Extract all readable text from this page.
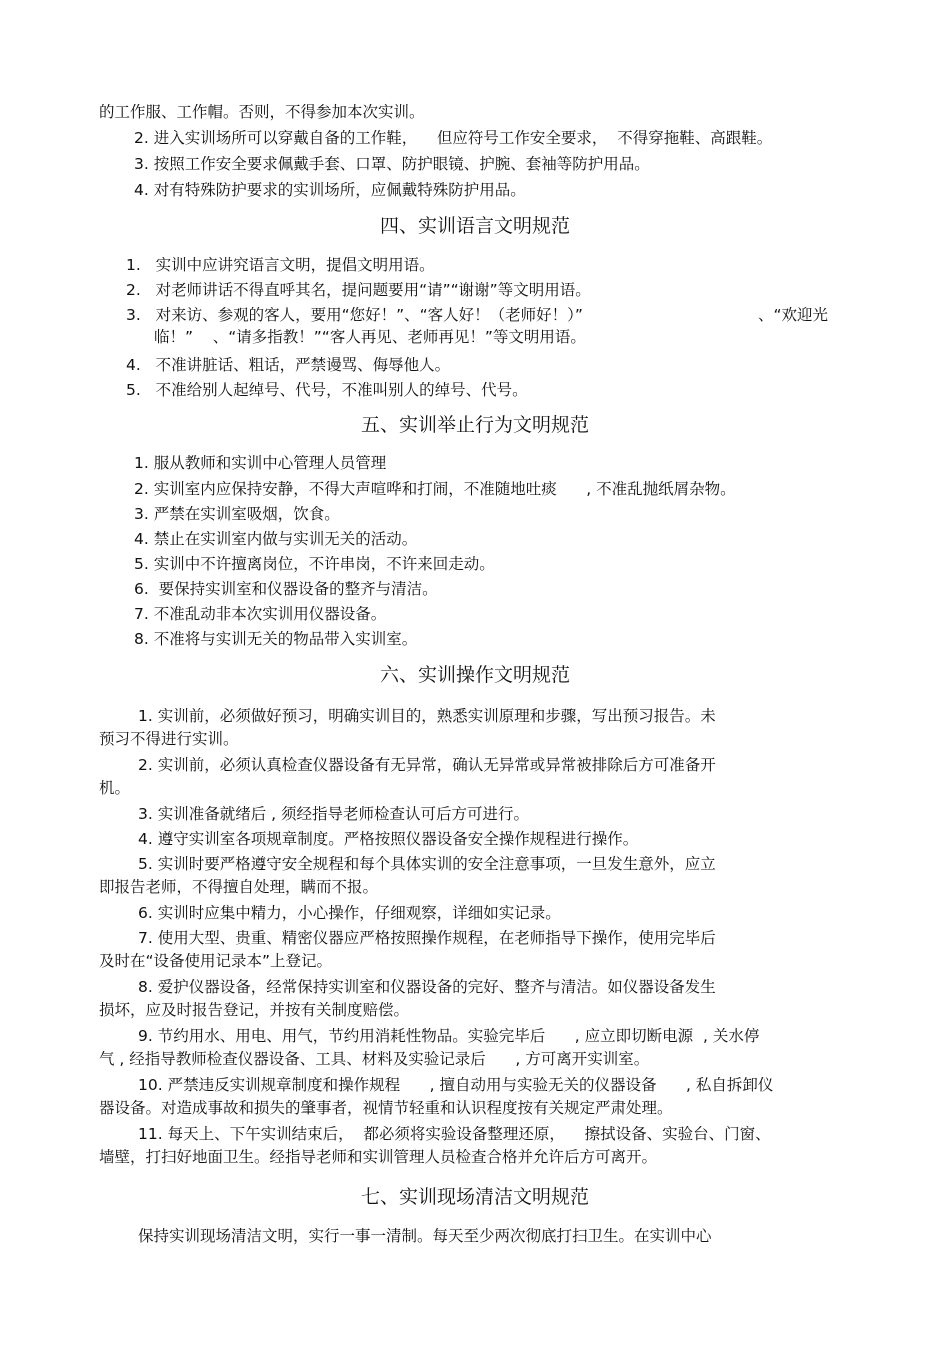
的工作服、工作帽。否则，不得参加本次实训。
2. 进入实训场所可以穿戴自备的工作鞋，    但应符号工作安全要求，  不得穿拖鞋、高跟鞋。
3. 按照工作安全要求佩戴手套、口罩、防护眼镜、护腕、套袖等防护用品。
4. 对有特殊防护要求的实训场所，应佩戴特殊防护用品。
四、实训语言文明规范
1.   实训中应讲究语言文明，提倡文明用语。
2.   对老师讲话不得直呼其名，提问题要用“请”“谢谢”等文明用语。
3.   对来访、参观的客人，要用“您好！”、“客人好！（老师好！）”	、“欢迎光
临！”    、“请多指教！”“客人再见、老师再见！”等文明用语。
4.   不准讲脏话、粗话，严禁谩骂、侮辱他人。
5.   不准给别人起绰号、代号，不准叫别人的绰号、代号。
五、实训举止行为文明规范
1. 服从教师和实训中心管理人员管理
2. 实训室内应保持安静，不得大声喧哗和打闹，不准随地吐痰      , 不准乱抛纸屑杂物。
3. 严禁在实训室吸烟，饮食。
4. 禁止在实训室内做与实训无关的活动。
5. 实训中不许擅离岗位，不许串岗，不许来回走动。
6.  要保持实训室和仪器设备的整齐与清洁。
7. 不准乱动非本次实训用仪器设备。
8. 不准将与实训无关的物品带入实训室。
六、实训操作文明规范
1. 实训前，必须做好预习，明确实训目的，熟悉实训原理和步骤，写出预习报告。未
预习不得进行实训。
2. 实训前，必须认真检查仪器设备有无异常，确认无异常或异常被排除后方可准备开
机。
3. 实训准备就绪后 , 须经指导老师检查认可后方可进行。
4. 遵守实训室各项规章制度。严格按照仪器设备安全操作规程进行操作。
5. 实训时要严格遵守安全规程和每个具体实训的安全注意事项，一旦发生意外，应立
即报告老师，不得擅自处理，瞒而不报。
6. 实训时应集中精力，小心操作，仔细观察，详细如实记录。
7. 使用大型、贵重、精密仪器应严格按照操作规程，在老师指导下操作，使用完毕后
及时在“设备使用记录本”上登记。
8. 爱护仪器设备，经常保持实训室和仪器设备的完好、整齐与清洁。如仪器设备发生
损坏，应及时报告登记，并按有关制度赔偿。
9. 节约用水、用电、用气，节约用消耗性物品。实验完毕后      , 应立即切断电源  , 关水停
气 , 经指导教师检查仪器设备、工具、材料及实验记录后      , 方可离开实训室。
10. 严禁违反实训规章制度和操作规程      , 擅自动用与实验无关的仪器设备      , 私自拆卸仪
器设备。对造成事故和损失的肇事者，视情节轻重和认识程度按有关规定严肃处理。
11. 每天上、下午实训结束后，  都必须将实验设备整理还原，    擦拭设备、实验台、门窗、
墙壁，打扫好地面卫生。经指导老师和实训管理人员检查合格并允许后方可离开。
七、实训现场清洁文明规范
保持实训现场清洁文明，实行一事一清制。每天至少两次彻底打扫卫生。在实训中心
